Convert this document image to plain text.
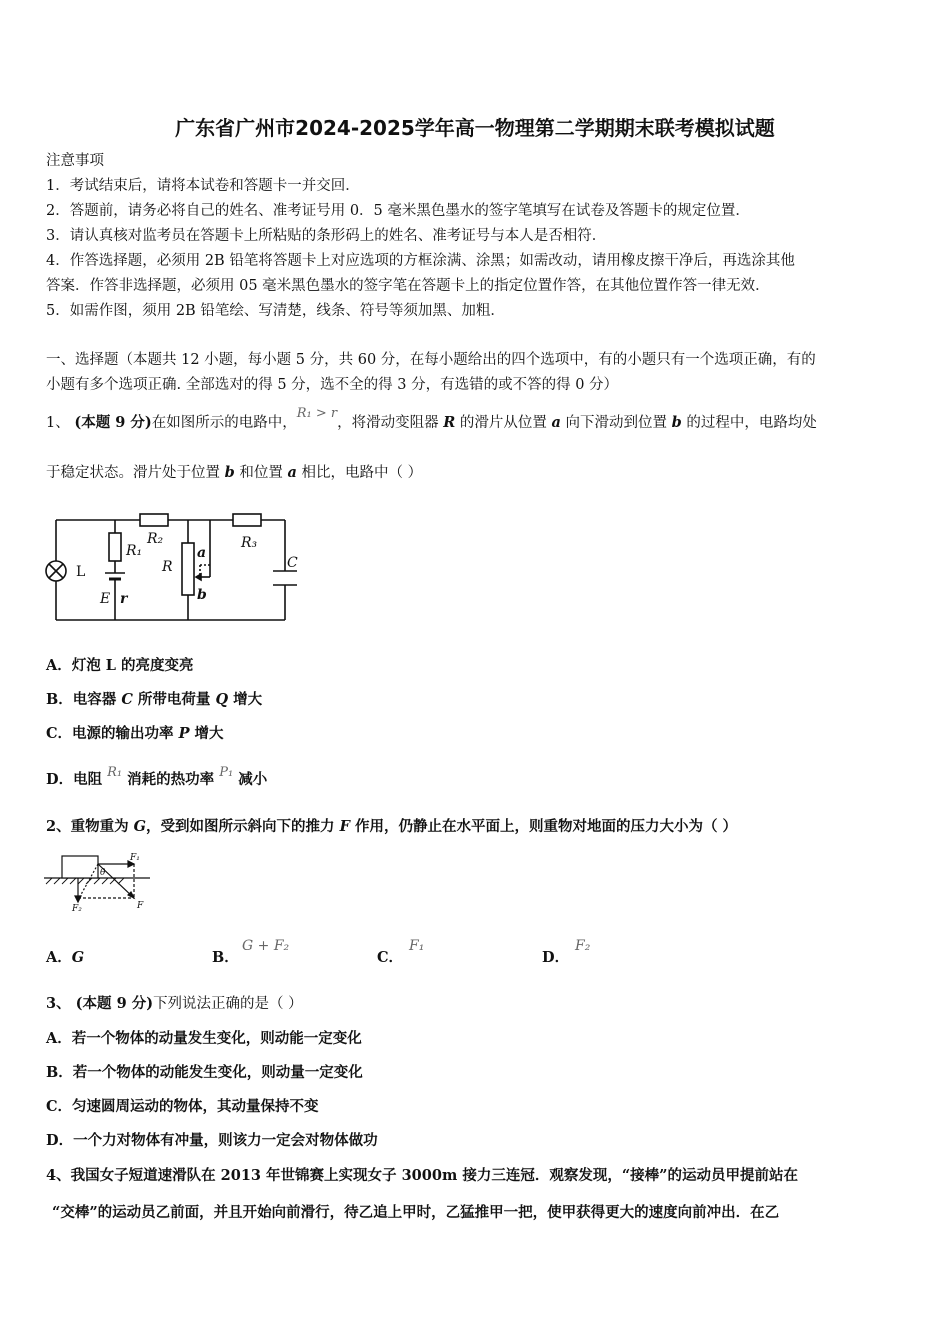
广东省广州市2024-2025学年高一物理第二学期期末联考模拟试题
注意事项
1．考试结束后，请将本试卷和答题卡一并交回．
2．答题前，请务必将自己的姓名、准考证号用 0．5 毫米黑色墨水的签字笔填写在试卷及答题卡的规定位置．
3．请认真核对监考员在答题卡上所粘贴的条形码上的姓名、准考证号与本人是否相符．
4．作答选择题，必须用 2B 铅笔将答题卡上对应选项的方框涂满、涂黑；如需改动，请用橡皮擦干净后，再选涂其他
答案．作答非选择题，必须用 05 毫米黑色墨水的签字笔在答题卡上的指定位置作答，在其他位置作答一律无效．
5．如需作图，须用 2B 铅笔绘、写清楚，线条、符号等须加黑、加粗．
一、选择题（本题共 12 小题，每小题 5 分，共 60 分，在每小题给出的四个选项中，有的小题只有一个选项正确，有的
小题有多个选项正确. 全部选对的得 5 分，选不全的得 3 分，有选错的或不答的得 0 分）
1、 (本题 9 分)在如图所示的电路中，R₁ > r，将滑动变阻器 R 的滑片从位置 a 向下滑动到位置 b 的过程中，电路均处
于稳定状态。滑片处于位置 b 和位置 a 相比，电路中（ ）
L
R₁
R₂	R₃
R
a
b
C
E r
A．灯泡 L 的亮度变亮
B．电容器 C 所带电荷量 Q 增大
C．电源的输出功率 P 增大
D．电阻 R₁ 消耗的热功率 P₁ 减小
2、重物重为 G，受到如图所示斜向下的推力 F 作用，仍静止在水平面上，则重物对地面的压力大小为（ ）
F₁
F₂	F
θ
A．G	B．
G + F₂
C．
F₁
D．
F₂
3、 (本题 9 分)下列说法正确的是（ ）
A．若一个物体的动量发生变化，则动能一定变化
B．若一个物体的动能发生变化，则动量一定变化
C．匀速圆周运动的物体，其动量保持不变
D．一个力对物体有冲量，则该力一定会对物体做功
4、我国女子短道速滑队在 2013 年世锦赛上实现女子 3000m 接力三连冠．观察发现，“接棒”的运动员甲提前站在
“交棒”的运动员乙前面，并且开始向前滑行，待乙追上甲时，乙猛推甲一把，使甲获得更大的速度向前冲出．在乙
